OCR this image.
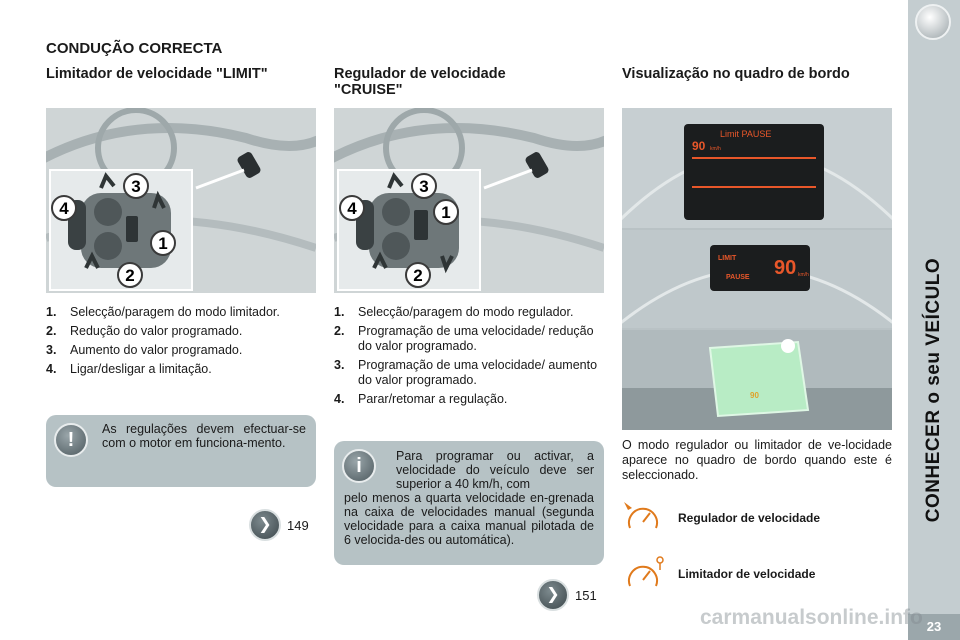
CONDUÇÃO CORRECTA
Limitador de velocidade "LIMIT"	Regulador de velocidade "CRUISE"
Visualização no quadro de bordo
4
3
1
2
4
3
1
2
Limit PAUSE
90 km/h
LIMIT
PAUSE 90 km/h
90
1. Selecção/paragem do modo limitador.
2. Redução do valor programado.
3. Aumento do valor programado.
4. Ligar/desligar a limitação.
1. Selecção/paragem do modo regulador.
2. Programação de uma velocidade/ redução do valor programado.
3. Programação de uma velocidade/ aumento do valor programado.
4. Parar/retomar a regulação.
!	As regulações devem efectuar-se com o motor em funciona-mento.
i	Para programar ou activar, a velocidade do veículo deve ser superior a 40 km/h, com
pelo menos a quarta velocidade en-grenada na caixa de velocidades manual (segunda velocidade para a caixa manual pilotada de 6 velocida-des ou automática).
❯	149
❯	151
O modo regulador ou limitador de ve-locidade aparece no quadro de bordo quando este é seleccionado.
Regulador de velocidade
Limitador de velocidade
CONHECER o seu VEÍCULO
23
carmanualsonline.info
